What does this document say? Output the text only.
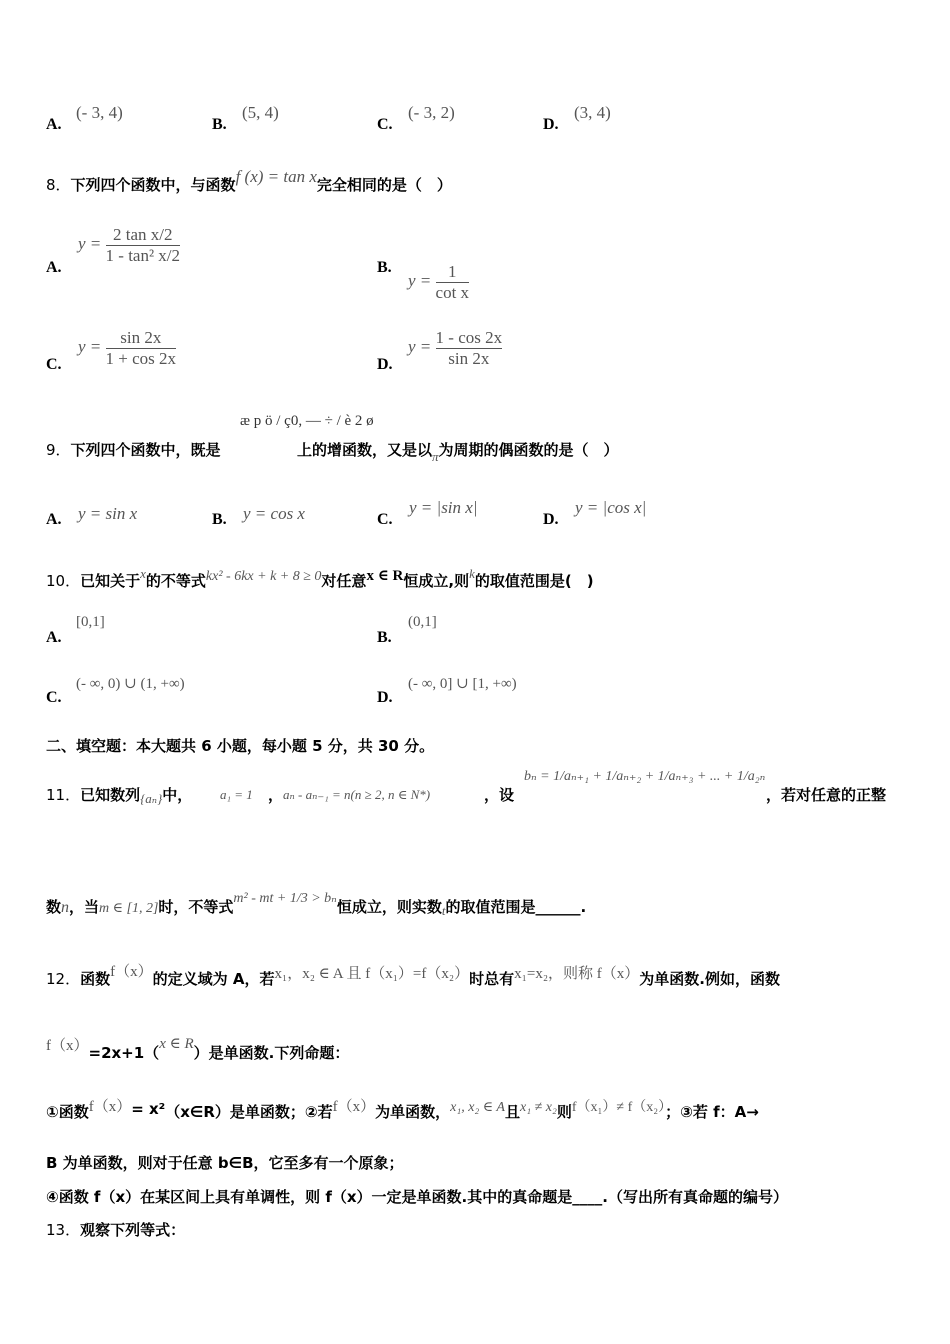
A.
(- 3, 4)
B.
(5, 4)
C.
(- 3, 2)
D.
(3, 4)
8．下列四个函数中，与函数f (x) = tan x完全相同的是（　）
A.
$y = \frac{\text{2 tan x/2}}{\text{1 - tan² x/2}}$
B.
$y = \frac{1}{\text{cot x}}$
C.
$y = \frac{\sin 2x}{1 + \cos 2x}$	D.
$y = \frac{1 - \cos 2x}{\sin 2x}$
9．下列四个函数中，既是
æ p ö / ç0, — ÷ / è 2 ø
上的增函数，又是以π为周期的偶函数的是（　）
A. y = sin x	B. y = cos x	C.
y = |sin x|
D.
y = |cos x|
10．已知关于x的不等式kx² - 6kx + k + 8 ≥ 0对任意x ∈ R恒成立,则k的取值范围是(　)
A.
[0,1]
B.
(0,1]
C.
(- ∞, 0) ∪ (1, +∞)
D.
(- ∞, 0] ∪ [1, +∞)
二、填空题：本大题共 6 小题，每小题 5 分，共 30 分。
11．已知数列{aₙ}中， a₁ = 1 ， aₙ - aₙ₋₁ = n(n ≥ 2, n ∈ N*)	，设
bₙ = 1/aₙ₊₁ + 1/aₙ₊₂ + 1/aₙ₊₃ + ... + 1/a₂ₙ
，若对任意的正整
数n，当m ∈ [1, 2]时，不等式m² - mt + 1/3 > bₙ恒成立，则实数t的取值范围是______.
12．函数f（x）的定义域为 A，若x₁，x₂ ∈ A 且 f（x₁）=f（x₂）时总有x₁=x₂，则称 f（x）为单函数.例如，函数
f（x）=2x+1（x ∈ R）是单函数.下列命题：
①函数f（x）= x²（x∈R）是单函数；②若f（x）为单函数，x₁, x₂ ∈ A且x₁ ≠ x₂则f（x₁）≠ f（x₂）；③若 f：A→
B 为单函数，则对于任意 b∈B，它至多有一个原象；
④函数 f（x）在某区间上具有单调性，则 f（x）一定是单函数.其中的真命题是____.（写出所有真命题的编号）
13．观察下列等式：
